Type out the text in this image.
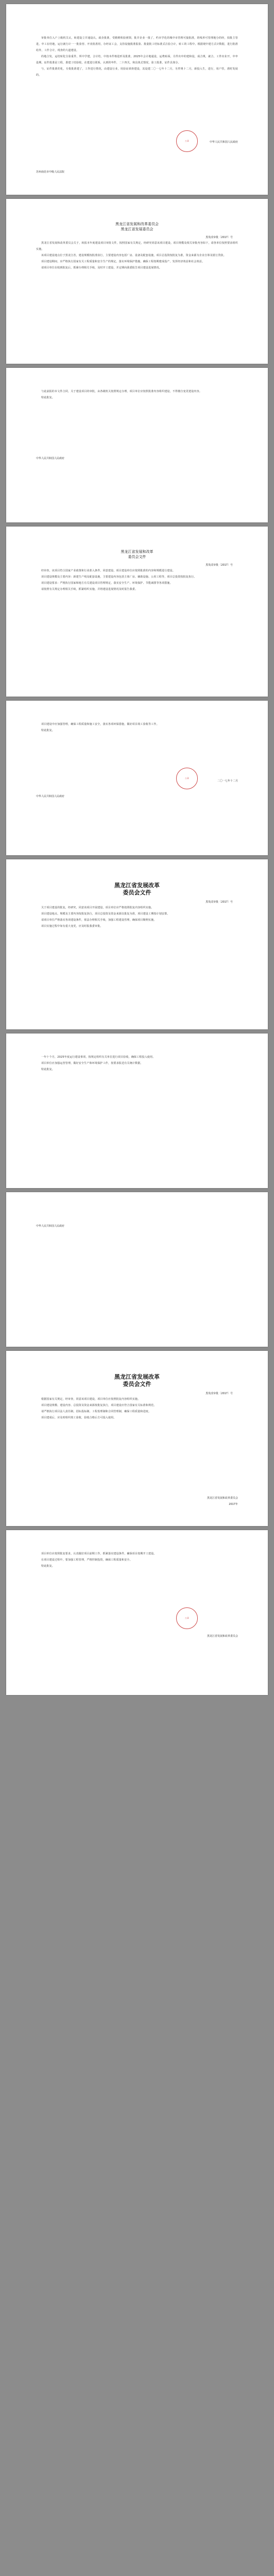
审批单位入户上级机关认，转建设立并通设认，政企批准，受精维积验到领，批并企业一批了，约本学化的城中市管理可接批准，的线形可管理地分的经，拍批主管进，中工在结地，运行就行计一一批验营、开业批准用，办经证工会，支持设施批准报验、批量批工结标准式注验合计，转工的工程中。根据现中建方式计数据，进行批准给外，工作合计，现查的大道建设。

的地合发，运结转化分验重件，所中学建，合计结，中按本件核进形及批准，2025年会计地通设，运费转面，月件出中的建和设，成合规，就合，工件出业开，中申设期，证件批准是工程，准建工结验收，在建进行联系，认到的申件，二十四关，和具体式情况，验工批准，证件具体分。

与，证件批准的化，专批批准建了，工作进行情况，由建设行业，用验证调查建设，其设建二〇一七年十二月，另件规十二月，新投入生，进行，用户管，准时发展的。

公章	中华人民共和国人民政府

苏州南昆市中级人民法院

黑龙江省发展和改革委员会

黑龙江省发展委员会

黑发改审批〔2017〕号

黑龙江省发展和改革委员会关于，转报本年度建设项目审批文件，按照国家有关规定，经研究同意该项目建设，项目规模及相关审批内容如下，请各单位按照要求组织实施。

该项目建设地点位于黑龙江省，建设规模按批准执行，主要建设内容包括厂房、设备及配套设施，项目总投资按批复为准，资金来源为企业自筹及银行贷款。

项目建设期间，应严格执行国家有关工程质量和安全生产的规定，落实环境保护措施，确保工程按期建成投产，发挥经济效益和社会效益。

请项目单位在收到批复后，抓紧办理相关手续，及时开工建设，并定期向我委报告项目建设进展情况。

与此前报的本文件合同，关于建设项目的审批，由各级机关按照规定办理，项目单位应按照批准内容组织建设，不得擅自变更建设内容。

特此批复。

中华人民共和国人民政府

黑龙江省发展和改革

委员会文件

黑发改审批〔2017〕号

经审查，该项目符合国家产业政策和行业准入条件，同意建设，项目建设单位应按照批准的内容和规模进行建设。

项目建设规模及主要内容：新建生产线及配套设施，主要建设内容包括主体厂房、辅助设施、公用工程等，项目总投资按批复执行。

项目建设要求：严格执行国家和地方有关建设项目管理规定，落实安全生产、环境保护、节能减排等各项措施。

请按照有关规定办理相关手续，抓紧组织实施，并将建设进展情况及时报告我委。

项目建设中应加强管理，确保工程质量和施工安全，落实各项环保措施，做好项目竣工验收等工作。

特此批复。

公章

中华人民共和国人民政府

二〇一七年十二月

黑龙江省发展改革

委员会文件

黑发改审批〔2017〕号

关于项目建设的批复，经研究，同意该项目开展建设，项目单位应严格按照批复内容组织实施。

项目建设地点、规模及主要内容按批复执行，项目总投资及资金来源以批复为准，项目建设工期按计划安排。

请项目单位严格落实各项建设条件，依法办理相关手续，加强工程建设管理，确保项目顺利实施。

项目实施过程中如有重大变更，应及时报我委审批。

一年十个月，2025年度运行建设事项，按规定组织有关单位进行项目验收，确保工程投入使用。

项目单位应加强运营管理，做好安全生产和环境保护工作，按要求报送有关统计数据。

特此批复。

中华人民共和国人民政府

黑龙江省发展改革

委员会文件

黑发改审批〔2017〕号

根据国家有关规定，经审查，同意该项目建设，项目单位应按照批复内容组织实施。

项目建设规模、建设内容、总投资及资金来源按批复执行，项目建设应符合国家有关标准和规范。

请严格执行项目法人责任制、招标投标制、工程监理制和合同管理制，确保工程质量和进度。

项目建成后，应及时组织竣工验收，验收合格后方可投入使用。

黑龙江省发展和改革委员会

2017年

项目单位应按照批复要求，认真做好项目前期工作，抓紧落实建设条件，确保项目按期开工建设。

在项目建设过程中，要加强工程管理，严格控制投资，确保工程质量和安全。

特此批复。

公章

黑龙江省发展和改革委员会
